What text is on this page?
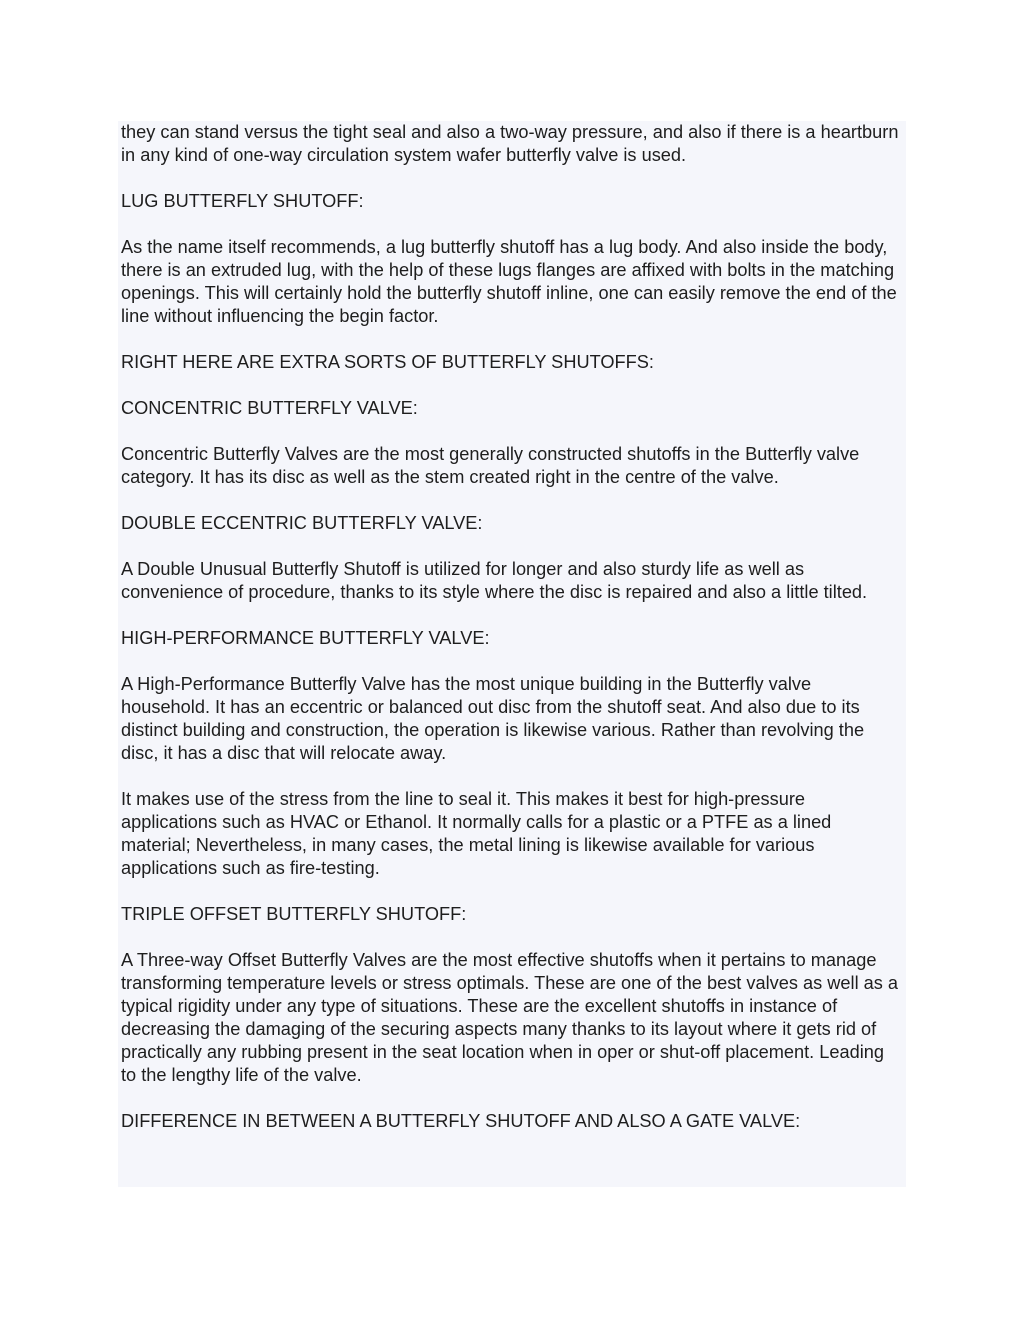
they can stand versus the tight seal and also a two-way pressure, and also if there is a heartburn in any kind of one-way circulation system wafer butterfly valve is used.

LUG BUTTERFLY SHUTOFF:

As the name itself recommends, a lug butterfly shutoff has a lug body. And also inside the body, there is an extruded lug, with the help of these lugs flanges are affixed with bolts in the matching openings. This will certainly hold the butterfly shutoff inline, one can easily remove the end of the line without influencing the begin factor.

RIGHT HERE ARE EXTRA SORTS OF BUTTERFLY SHUTOFFS:

CONCENTRIC BUTTERFLY VALVE:

Concentric Butterfly Valves are the most generally constructed shutoffs in the Butterfly valve category. It has its disc as well as the stem created right in the centre of the valve.

DOUBLE ECCENTRIC BUTTERFLY VALVE:

A Double Unusual Butterfly Shutoff is utilized for longer and also sturdy life as well as convenience of procedure, thanks to its style where the disc is repaired and also a little tilted.

HIGH-PERFORMANCE BUTTERFLY VALVE:

A High-Performance Butterfly Valve has the most unique building in the Butterfly valve household. It has an eccentric or balanced out disc from the shutoff seat. And also due to its distinct building and construction, the operation is likewise various. Rather than revolving the disc, it has a disc that will relocate away.

It makes use of the stress from the line to seal it. This makes it best for high-pressure applications such as HVAC or Ethanol. It normally calls for a plastic or a PTFE as a lined material; Nevertheless, in many cases, the metal lining is likewise available for various applications such as fire-testing.

TRIPLE OFFSET BUTTERFLY SHUTOFF:

A Three-way Offset Butterfly Valves are the most effective shutoffs when it pertains to manage transforming temperature levels or stress optimals. These are one of the best valves as well as a typical rigidity under any type of situations. These are the excellent shutoffs in instance of decreasing the damaging of the securing aspects many thanks to its layout where it gets rid of practically any rubbing present in the seat location when in oper or shut-off placement. Leading to the lengthy life of the valve.

DIFFERENCE IN BETWEEN A BUTTERFLY SHUTOFF AND ALSO A GATE VALVE:
